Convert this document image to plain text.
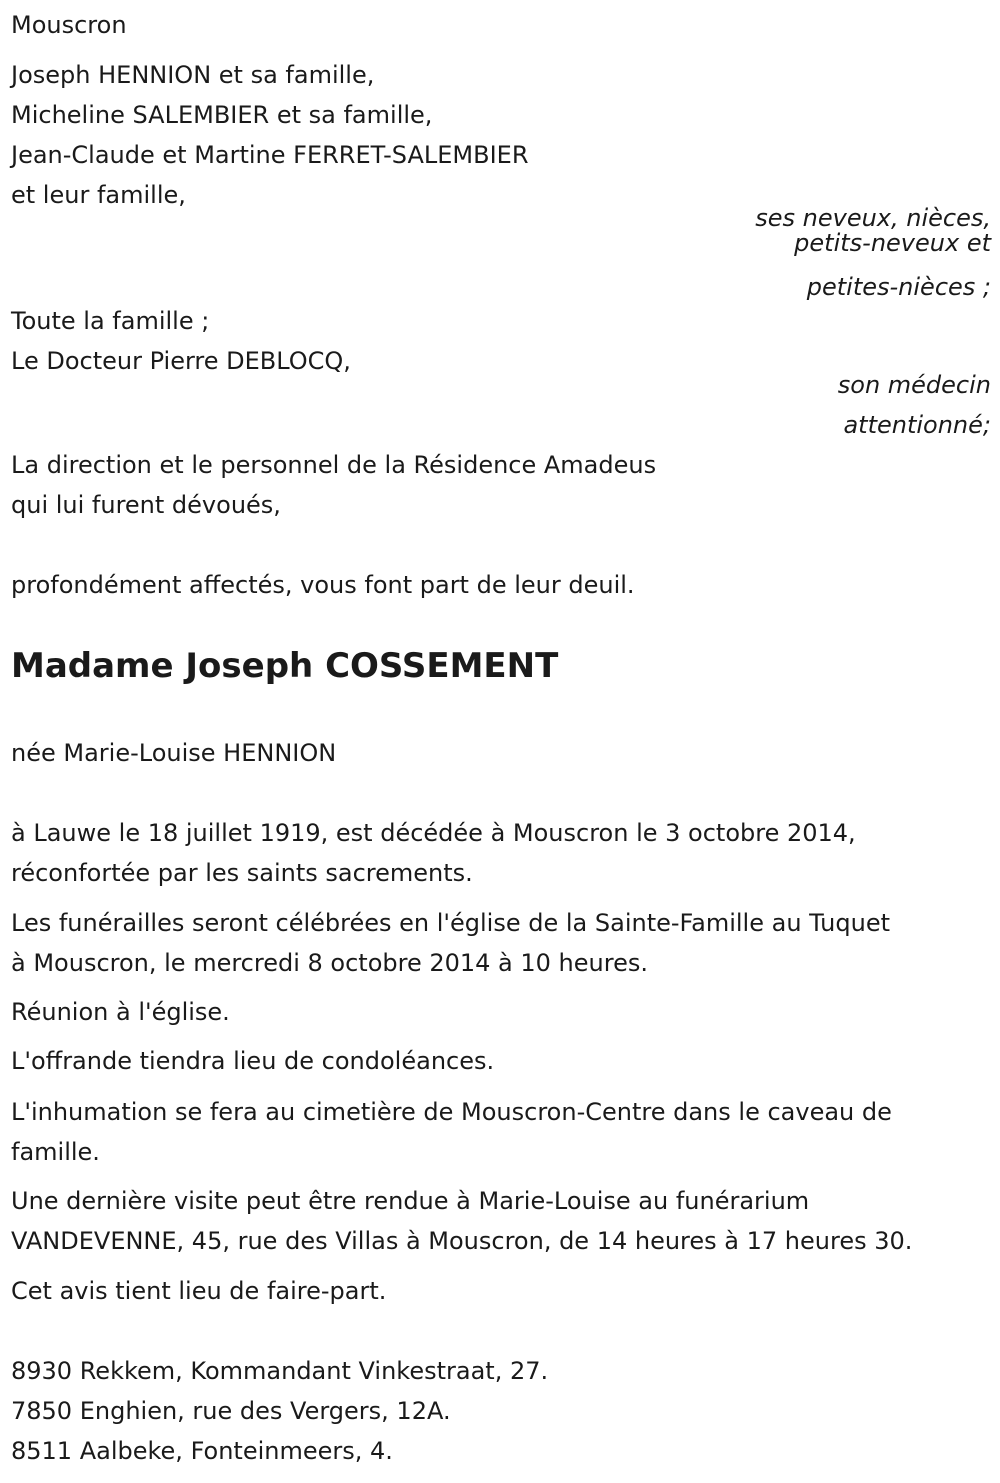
Mouscron
Joseph HENNION et sa famille,
Micheline SALEMBIER et sa famille,
Jean-Claude et Martine FERRET-SALEMBIER
et leur famille,
ses neveux, nièces,
petits-neveux et
petites-nièces ;
Toute la famille ;
Le Docteur Pierre DEBLOCQ,
son médecin
attentionné;
La direction et le personnel de la Résidence Amadeus
qui lui furent dévoués,
profondément affectés, vous font part de leur deuil.
Madame Joseph COSSEMENT
née Marie-Louise HENNION
à Lauwe le 18 juillet 1919, est décédée à Mouscron le 3 octobre 2014,
réconfortée par les saints sacrements.
Les funérailles seront célébrées en l'église de la Sainte-Famille au Tuquet
à Mouscron, le mercredi 8 octobre 2014 à 10 heures.
Réunion à l'église.
L'offrande tiendra lieu de condoléances.
L'inhumation se fera au cimetière de Mouscron-Centre dans le caveau de
famille.
Une dernière visite peut être rendue à Marie-Louise au funérarium
VANDEVENNE, 45, rue des Villas à Mouscron, de 14 heures à 17 heures 30.
Cet avis tient lieu de faire-part.
8930 Rekkem, Kommandant Vinkestraat, 27.
7850 Enghien, rue des Vergers, 12A.
8511 Aalbeke, Fonteinmeers, 4.
